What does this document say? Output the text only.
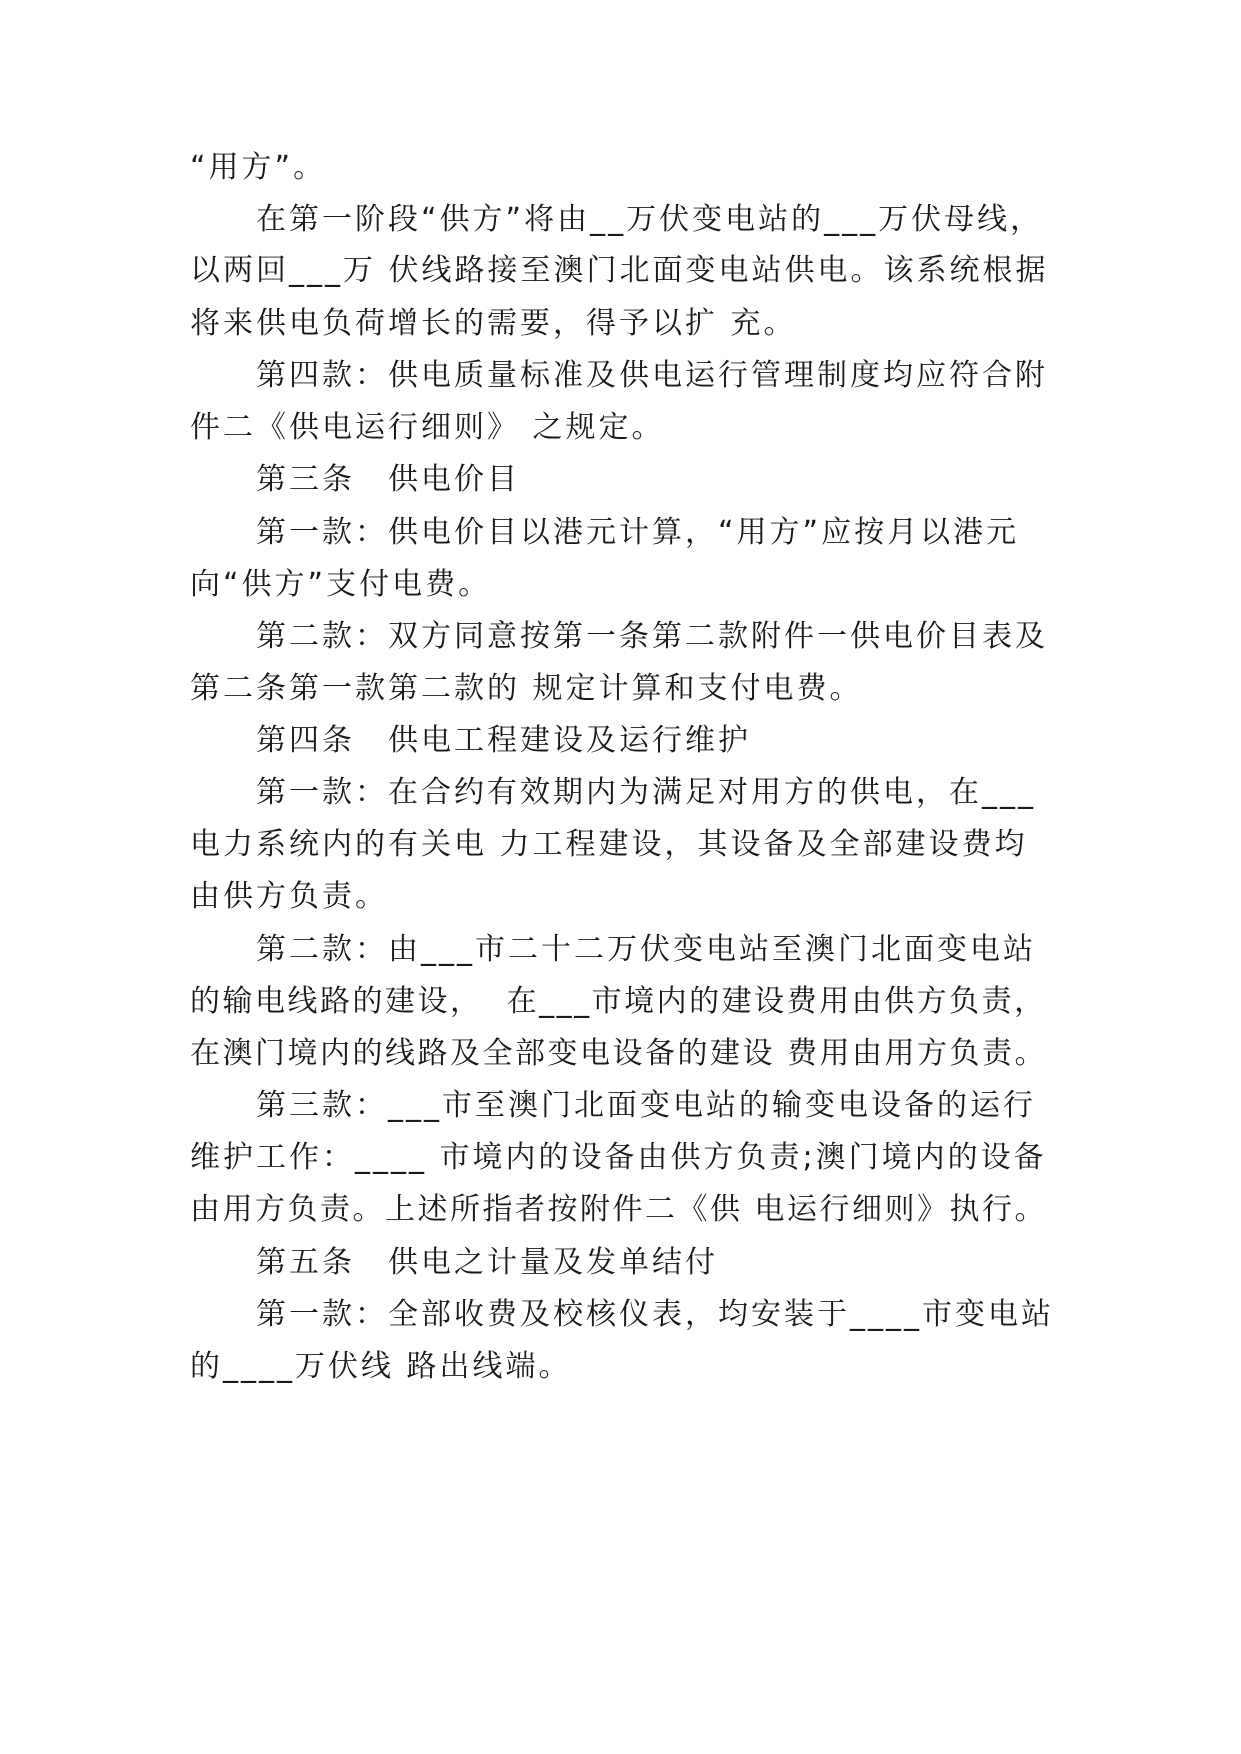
“用方”。
在第一阶段“供方”将由__万伏变电站的___万伏母线，
以两回___万 伏线路接至澳门北面变电站供电。该系统根据
将来供电负荷增长的需要，得予以扩 充。
第四款：供电质量标准及供电运行管理制度均应符合附
件二《供电运行细则》 之规定。
第三条　供电价目
第一款：供电价目以港元计算，“用方”应按月以港元
向“供方”支付电费。
第二款：双方同意按第一条第二款附件一供电价目表及
第二条第一款第二款的 规定计算和支付电费。
第四条　供电工程建设及运行维护
第一款：在合约有效期内为满足对用方的供电，在___
电力系统内的有关电 力工程建设，其设备及全部建设费均
由供方负责。
第二款：由___市二十二万伏变电站至澳门北面变电站
的输电线路的建设，  在___市境内的建设费用由供方负责，
在澳门境内的线路及全部变电设备的建设 费用由用方负责。
第三款：___市至澳门北面变电站的输变电设备的运行
维护工作：____ 市境内的设备由供方负责;澳门境内的设备
由用方负责。上述所指者按附件二《供 电运行细则》执行。
第五条　供电之计量及发单结付
第一款：全部收费及校核仪表，均安装于____市变电站
的____万伏线 路出线端。
